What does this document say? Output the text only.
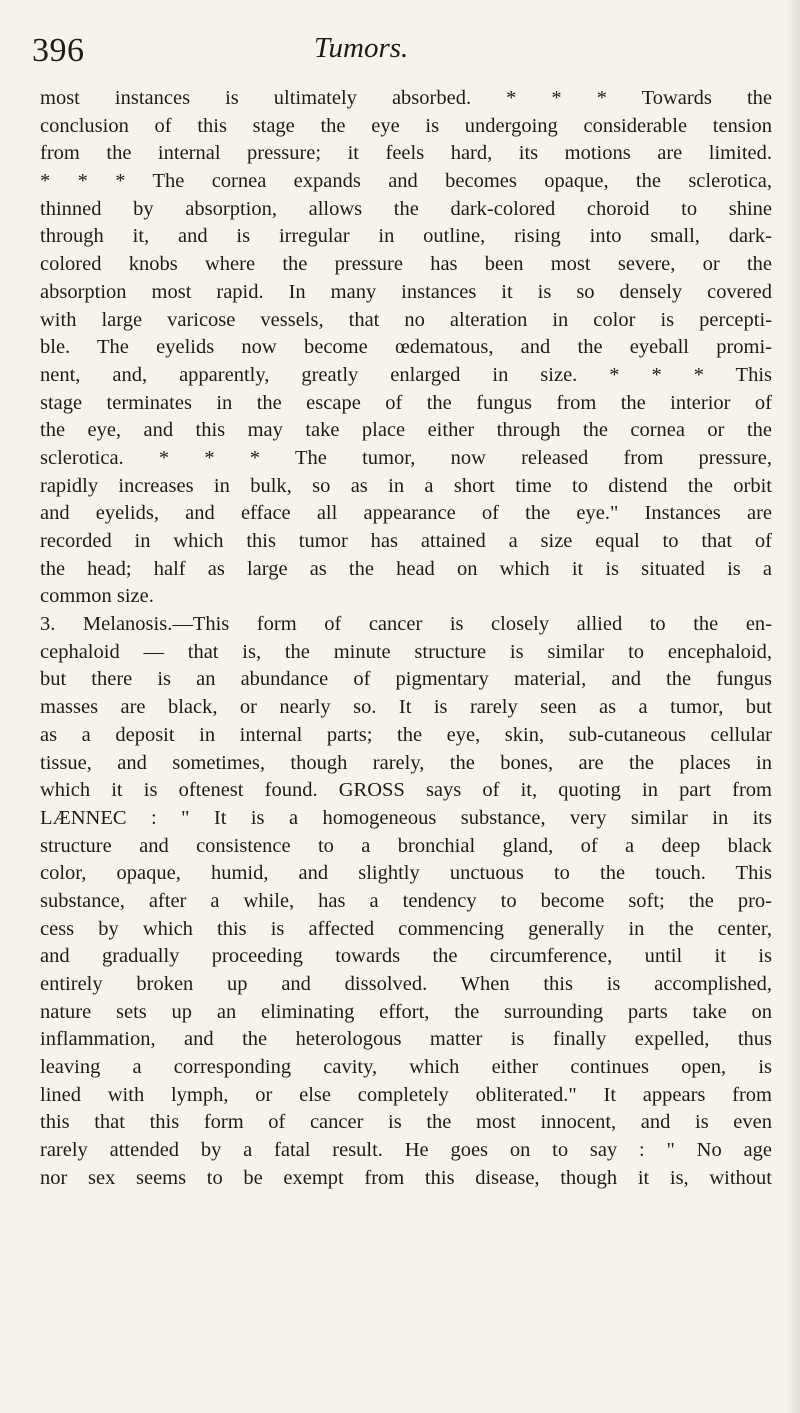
396	Tumors.
most instances is ultimately absorbed. * * * Towards the
conclusion of this stage the eye is undergoing considerable tension
from the internal pressure; it feels hard, its motions are limited.
* * * The cornea expands and becomes opaque, the sclerotica,
thinned by absorption, allows the dark-colored choroid to shine
through it, and is irregular in outline, rising into small, dark-
colored knobs where the pressure has been most severe, or the
absorption most rapid. In many instances it is so densely covered
with large varicose vessels, that no alteration in color is percepti-
ble. The eyelids now become œdematous, and the eyeball promi-
nent, and, apparently, greatly enlarged in size. * * * This
stage terminates in the escape of the fungus from the interior of
the eye, and this may take place either through the cornea or the
sclerotica. * * * The tumor, now released from pressure,
rapidly increases in bulk, so as in a short time to distend the orbit
and eyelids, and efface all appearance of the eye." Instances are
recorded in which this tumor has attained a size equal to that of
the head; half as large as the head on which it is situated is a
common size.
3. Melanosis.—This form of cancer is closely allied to the en-
cephaloid — that is, the minute structure is similar to encephaloid,
but there is an abundance of pigmentary material, and the fungus
masses are black, or nearly so. It is rarely seen as a tumor, but
as a deposit in internal parts; the eye, skin, sub-cutaneous cellular
tissue, and sometimes, though rarely, the bones, are the places in
which it is oftenest found. GROSS says of it, quoting in part from
LÆNNEC : " It is a homogeneous substance, very similar in its
structure and consistence to a bronchial gland, of a deep black
color, opaque, humid, and slightly unctuous to the touch. This
substance, after a while, has a tendency to become soft; the pro-
cess by which this is affected commencing generally in the center,
and gradually proceeding towards the circumference, until it is
entirely broken up and dissolved. When this is accomplished,
nature sets up an eliminating effort, the surrounding parts take on
inflammation, and the heterologous matter is finally expelled, thus
leaving a corresponding cavity, which either continues open, is
lined with lymph, or else completely obliterated." It appears from
this that this form of cancer is the most innocent, and is even
rarely attended by a fatal result. He goes on to say : " No age
nor sex seems to be exempt from this disease, though it is, without
